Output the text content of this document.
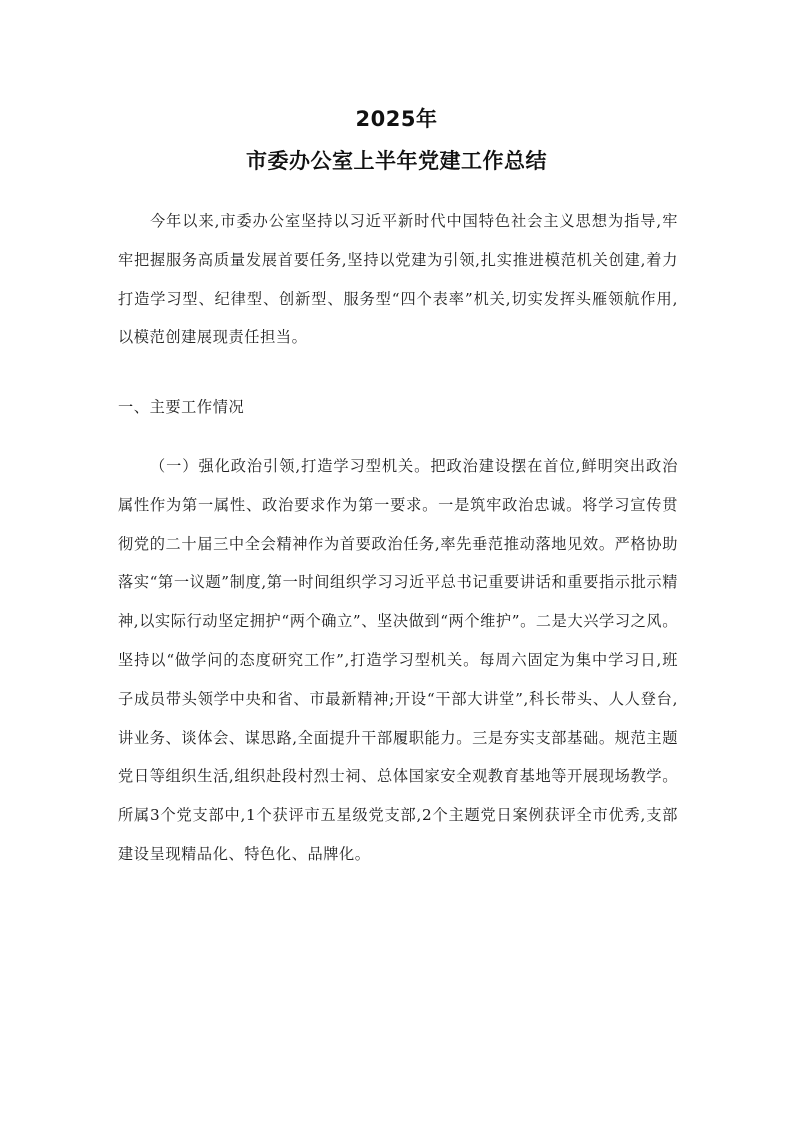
2025年
市委办公室上半年党建工作总结

今年以来,市委办公室坚持以习近平新时代中国特色社会主义思想为指导,牢牢把握服务高质量发展首要任务,坚持以党建为引领,扎实推进模范机关创建,着力打造学习型、纪律型、创新型、服务型“四个表率”机关,切实发挥头雁领航作用,以模范创建展现责任担当。

一、主要工作情况

（一）强化政治引领,打造学习型机关。把政治建设摆在首位,鲜明突出政治属性作为第一属性、政治要求作为第一要求。一是筑牢政治忠诚。将学习宣传贯彻党的二十届三中全会精神作为首要政治任务,率先垂范推动落地见效。严格协助落实“第一议题”制度,第一时间组织学习习近平总书记重要讲话和重要指示批示精神,以实际行动坚定拥护“两个确立”、坚决做到“两个维护”。二是大兴学习之风。坚持以“做学问的态度研究工作”,打造学习型机关。每周六固定为集中学习日,班子成员带头领学中央和省、市最新精神;开设“干部大讲堂”,科长带头、人人登台,讲业务、谈体会、谋思路,全面提升干部履职能力。三是夯实支部基础。规范主题党日等组织生活,组织赴段村烈士祠、总体国家安全观教育基地等开展现场教学。所属3个党支部中,1个获评市五星级党支部,2个主题党日案例获评全市优秀,支部建设呈现精品化、特色化、品牌化。
